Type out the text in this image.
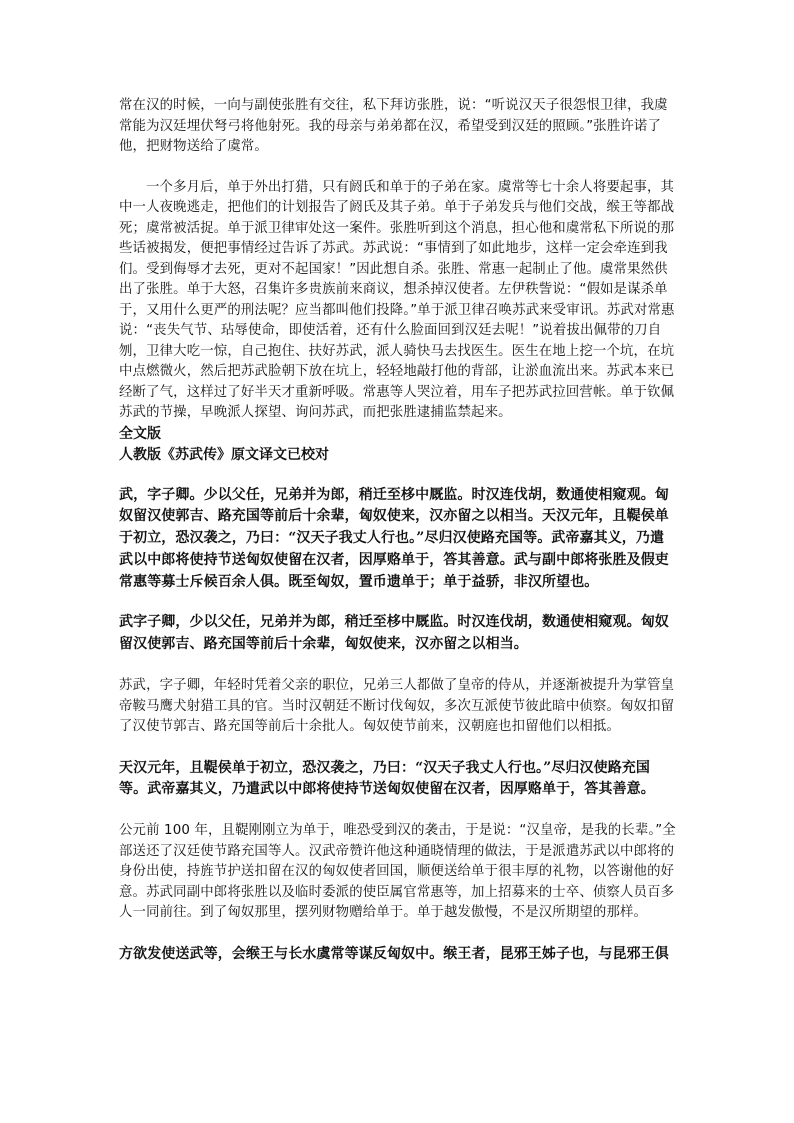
常在汉的时候，一向与副使张胜有交往，私下拜访张胜，说：“听说汉天子很怨恨卫律，我虞常能为汉廷埋伏弩弓将他射死。我的母亲与弟弟都在汉，希望受到汉廷的照顾。”张胜许诺了他，把财物送给了虞常。

一个多月后，单于外出打猎，只有阏氏和单于的子弟在家。虞常等七十余人将要起事，其中一人夜晚逃走，把他们的计划报告了阏氏及其子弟。单于子弟发兵与他们交战，缑王等都战死；虞常被活捉。单于派卫律审处这一案件。张胜听到这个消息，担心他和虞常私下所说的那些话被揭发，便把事情经过告诉了苏武。苏武说：“事情到了如此地步，这样一定会牵连到我们。受到侮辱才去死，更对不起国家！”因此想自杀。张胜、常惠一起制止了他。虞常果然供出了张胜。单于大怒，召集许多贵族前来商议，想杀掉汉使者。左伊秩訾说：“假如是谋杀单于，又用什么更严的刑法呢？应当都叫他们投降。”单于派卫律召唤苏武来受审讯。苏武对常惠说：“丧失气节、玷辱使命，即使活着，还有什么脸面回到汉廷去呢！”说着拔出佩带的刀自刎，卫律大吃一惊，自己抱住、扶好苏武，派人骑快马去找医生。医生在地上挖一个坑，在坑中点燃微火，然后把苏武脸朝下放在坑上，轻轻地敲打他的背部，让淤血流出来。苏武本来已经断了气，这样过了好半天才重新呼吸。常惠等人哭泣着，用车子把苏武拉回营帐。单于钦佩苏武的节操，早晚派人探望、询问苏武，而把张胜逮捕监禁起来。

全文版

人教版《苏武传》原文译文已校对

武，字子卿。少以父任，兄弟并为郎，稍迁至栘中厩监。时汉连伐胡，数通使相窥观。匈奴留汉使郭吉、路充国等前后十余辈，匈奴使来，汉亦留之以相当。天汉元年，且鞮侯单于初立，恐汉袭之，乃曰：“汉天子我丈人行也。”尽归汉使路充国等。武帝嘉其义，乃遣武以中郎将使持节送匈奴使留在汉者，因厚赂单于，答其善意。武与副中郎将张胜及假吏常惠等募士斥候百余人俱。既至匈奴，置币遗单于；单于益骄，非汉所望也。

武字子卿，少以父任，兄弟并为郎，稍迁至栘中厩监。时汉连伐胡，数通使相窥观。匈奴留汉使郭吉、路充国等前后十余辈，匈奴使来，汉亦留之以相当。

苏武，字子卿，年轻时凭着父亲的职位，兄弟三人都做了皇帝的侍从，并逐渐被提升为掌管皇帝鞍马鹰犬射猎工具的官。当时汉朝廷不断讨伐匈奴，多次互派使节彼此暗中侦察。匈奴扣留了汉使节郭吉、路充国等前后十余批人。匈奴使节前来，汉朝庭也扣留他们以相抵。

天汉元年，且鞮侯单于初立，恐汉袭之，乃曰：“汉天子我丈人行也。”尽归汉使路充国等。武帝嘉其义，乃遣武以中郎将使持节送匈奴使留在汉者，因厚赂单于，答其善意。

公元前 100 年，且鞮刚刚立为单于，唯恐受到汉的袭击，于是说：“汉皇帝，是我的长辈。”全部送还了汉廷使节路充国等人。汉武帝赞许他这种通晓情理的做法，于是派遣苏武以中郎将的身份出使，持旌节护送扣留在汉的匈奴使者回国，顺便送给单于很丰厚的礼物，以答谢他的好意。苏武同副中郎将张胜以及临时委派的使臣属官常惠等，加上招募来的士卒、侦察人员百多人一同前往。到了匈奴那里，摆列财物赠给单于。单于越发傲慢，不是汉所期望的那样。

方欲发使送武等，会缑王与长水虞常等谋反匈奴中。缑王者，昆邪王姊子也，与昆邪王俱
